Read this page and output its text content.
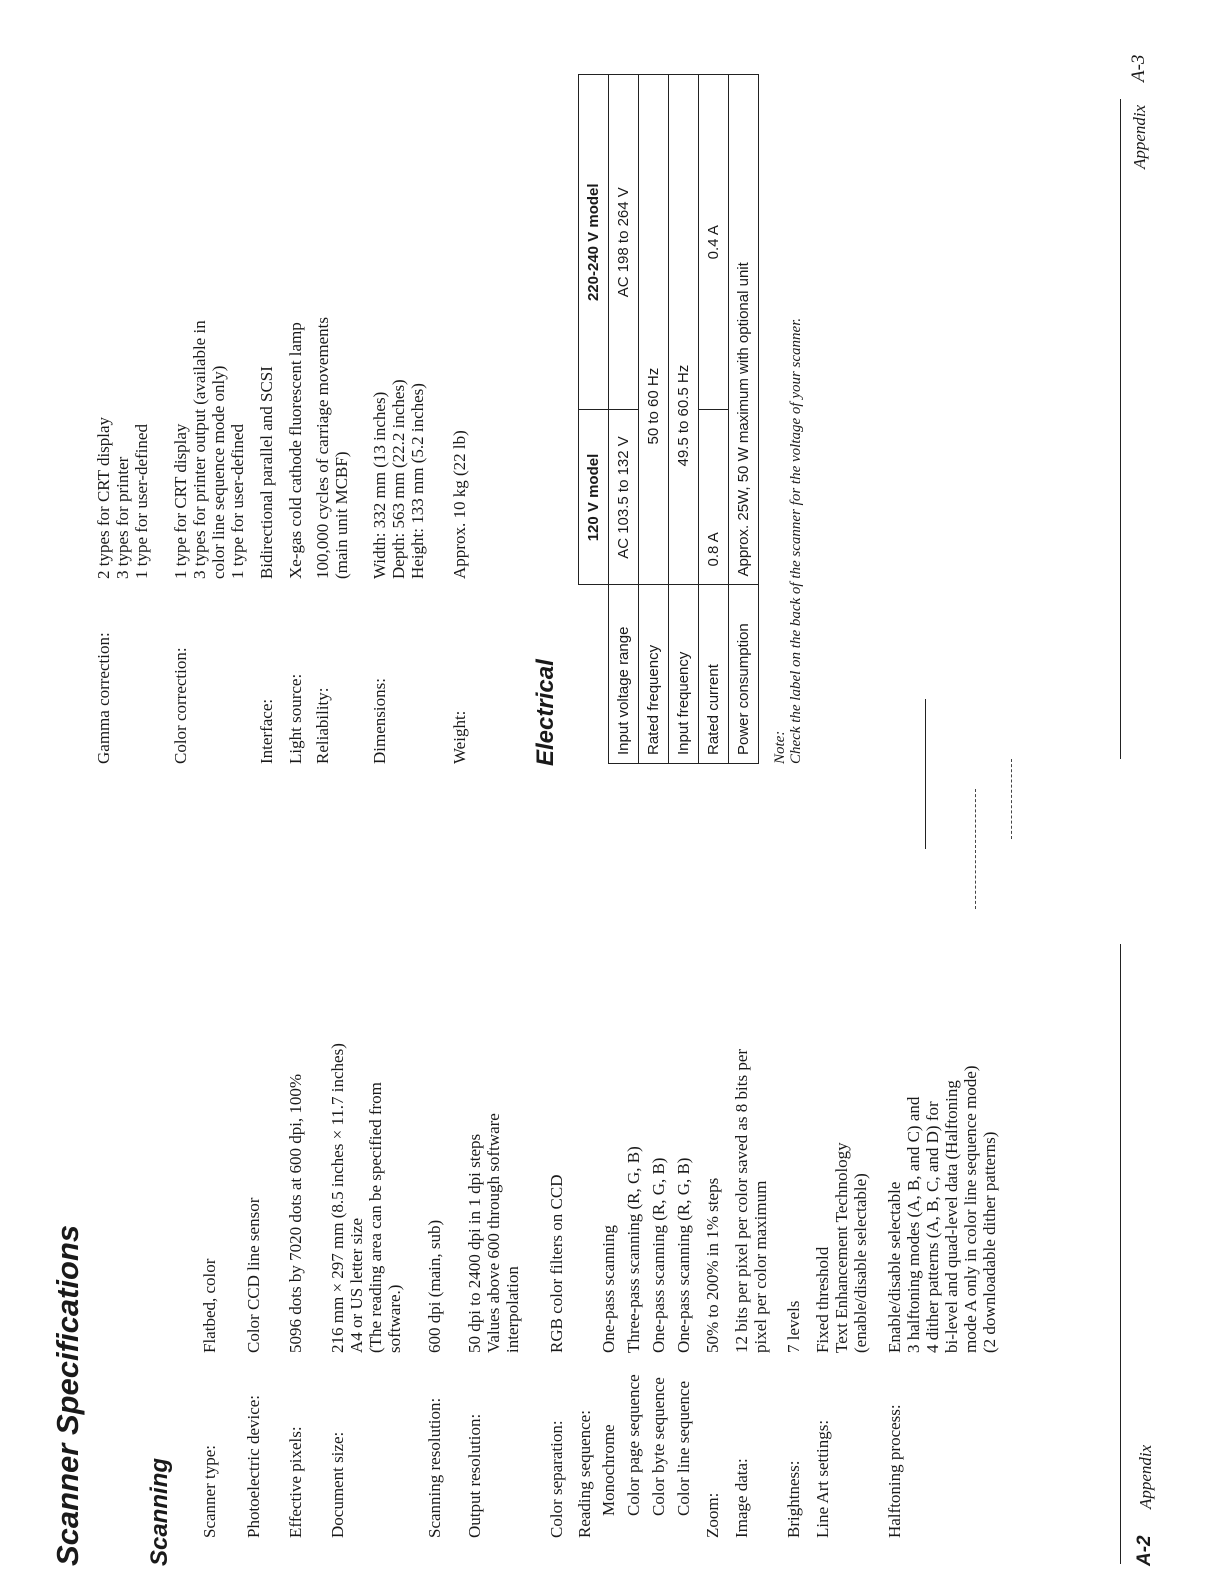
Scanner Specifications	Scanning Scanner type:
Flatbed, color
Photoelectric device:
Color CCD line sensor
Effective pixels:
5096 dots by 7020 dots at 600 dpi, 100%
Document size:
216 mm × 297 mm (8.5 inches × 11.7 inches) A4 or US letter size (The reading area can be specified from software.)
Scanning resolution:
600 dpi (main, sub)
Output resolution:
50 dpi to 2400 dpi in 1 dpi steps Values above 600 through software interpolation
Color separation:
RGB color filters on CCD
Reading sequence: Monochrome
One-pass scanning
Color page sequence
Three-pass scanning (R, G, B)
Color byte sequence
One-pass scanning (R, G, B)
Color line sequence
One-pass scanning (R, G, B)
Zoom:
50% to 200% in 1% steps
Image data:
12 bits per pixel per color saved as 8 bits per pixel per color maximum
Brightness:
7 levels
Line Art settings:
Fixed threshold Text Enhancement Technology (enable/disable selectable)
Halftoning process:
Enable/disable selectable 3 halftoning modes (A, B, and C) and 4 dither patterns (A, B, C, and D) for bi-level and quad-level data (Halftoning mode A only in color line sequence mode) (2 downloadable dither patterns)
A-2
Appendix
Gamma correction:
2 types for CRT display 3 types for printer 1 type for user-defined
Color correction:
1 type for CRT display 3 types for printer output (available in color line sequence mode only) 1 type for user-defined
Interface:
Bidirectional parallel and SCSI
Light source:
Xe-gas cold cathode fluorescent lamp
Reliability:
100,000 cycles of carriage movements (main unit MCBF)
Dimensions:
Width: 332 mm (13 inches) Depth: 563 mm (22.2 inches) Height: 133 mm (5.2 inches)
Weight:
Approx. 10 kg (22 lb)
Electrical
	120 V model	220-240 V model
Input voltage range	AC 103.5 to 132 V	AC 198 to 264 V
Rated frequency	50 to 60 Hz	
Input frequency	49.5 to 60.5 Hz	
Rated current	0.8 A	0.4 A
Power consumption	Approx. 25W, 50 W maximum with optional unit	
Note: Check the label on the back of the scanner for the voltage of your scanner.
Appendix
A-3
